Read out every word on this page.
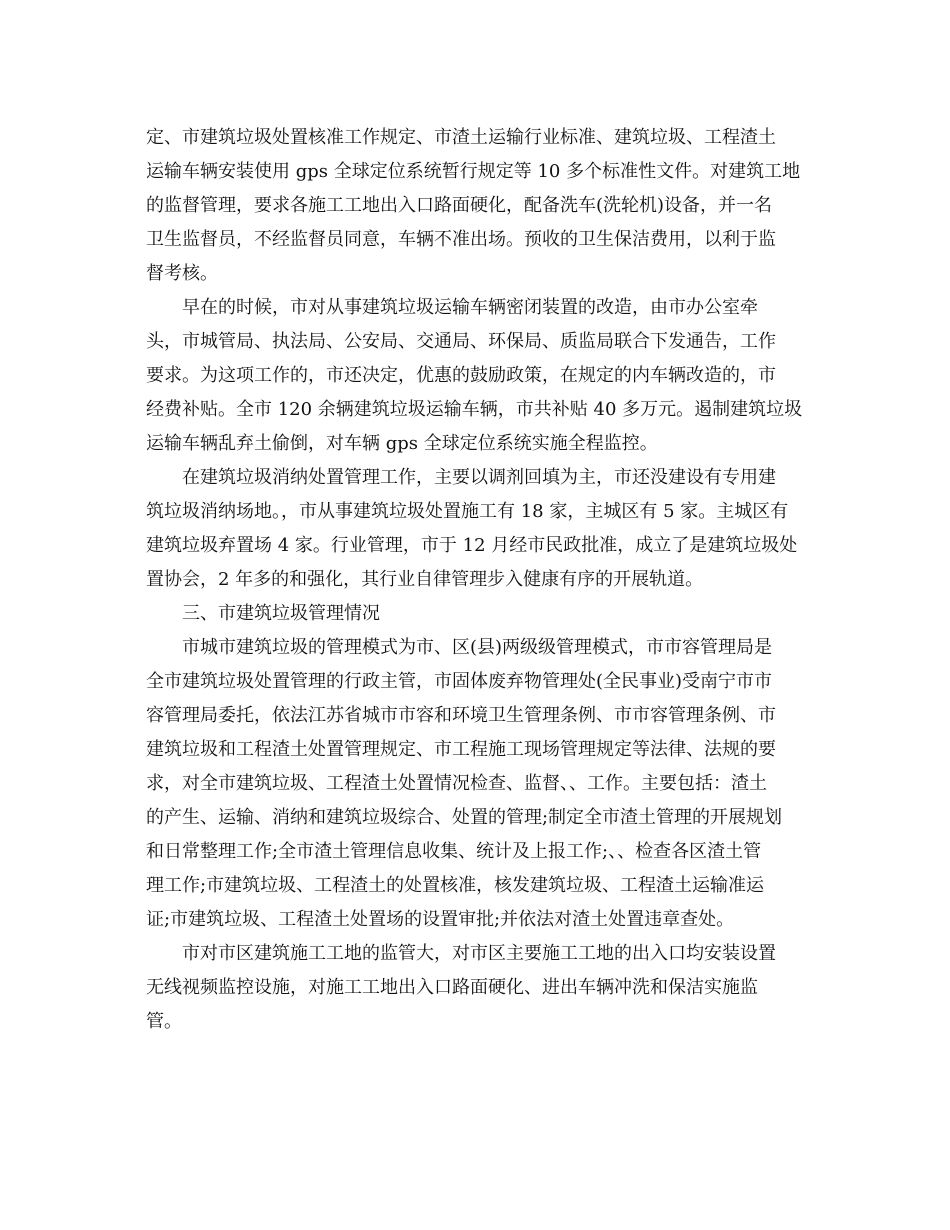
定、市建筑垃圾处置核准工作规定、市渣土运输行业标准、建筑垃圾、工程渣土
运输车辆安装使用 gps 全球定位系统暂行规定等 10 多个标准性文件。对建筑工地
的监督管理，要求各施工工地出入口路面硬化，配备洗车(洗轮机)设备，并一名
卫生监督员，不经监督员同意，车辆不准出场。预收的卫生保洁费用，以利于监
督考核。
早在的时候，市对从事建筑垃圾运输车辆密闭装置的改造，由市办公室牵
头，市城管局、执法局、公安局、交通局、环保局、质监局联合下发通告，工作
要求。为这项工作的，市还决定，优惠的鼓励政策，在规定的内车辆改造的，市
经费补贴。全市 120 余辆建筑垃圾运输车辆，市共补贴 40 多万元。遏制建筑垃圾
运输车辆乱弃土偷倒，对车辆 gps 全球定位系统实施全程监控。
在建筑垃圾消纳处置管理工作，主要以调剂回填为主，市还没建设有专用建
筑垃圾消纳场地。，市从事建筑垃圾处置施工有 18 家，主城区有 5 家。主城区有
建筑垃圾弃置场 4 家。行业管理，市于 12 月经市民政批准，成立了是建筑垃圾处
置协会，2 年多的和强化，其行业自律管理步入健康有序的开展轨道。
三、市建筑垃圾管理情况
市城市建筑垃圾的管理模式为市、区(县)两级级管理模式，市市容管理局是
全市建筑垃圾处置管理的行政主管，市固体废弃物管理处(全民事业)受南宁市市
容管理局委托，依法江苏省城市市容和环境卫生管理条例、市市容管理条例、市
建筑垃圾和工程渣土处置管理规定、市工程施工现场管理规定等法律、法规的要
求，对全市建筑垃圾、工程渣土处置情况检查、监督、、工作。主要包括：渣土
的产生、运输、消纳和建筑垃圾综合、处置的管理;制定全市渣土管理的开展规划
和日常整理工作;全市渣土管理信息收集、统计及上报工作;、、检查各区渣土管
理工作;市建筑垃圾、工程渣土的处置核准，核发建筑垃圾、工程渣土运输准运
证;市建筑垃圾、工程渣土处置场的设置审批;并依法对渣土处置违章查处。
市对市区建筑施工工地的监管大，对市区主要施工工地的出入口均安装设置
无线视频监控设施，对施工工地出入口路面硬化、进出车辆冲洗和保洁实施监
管。
